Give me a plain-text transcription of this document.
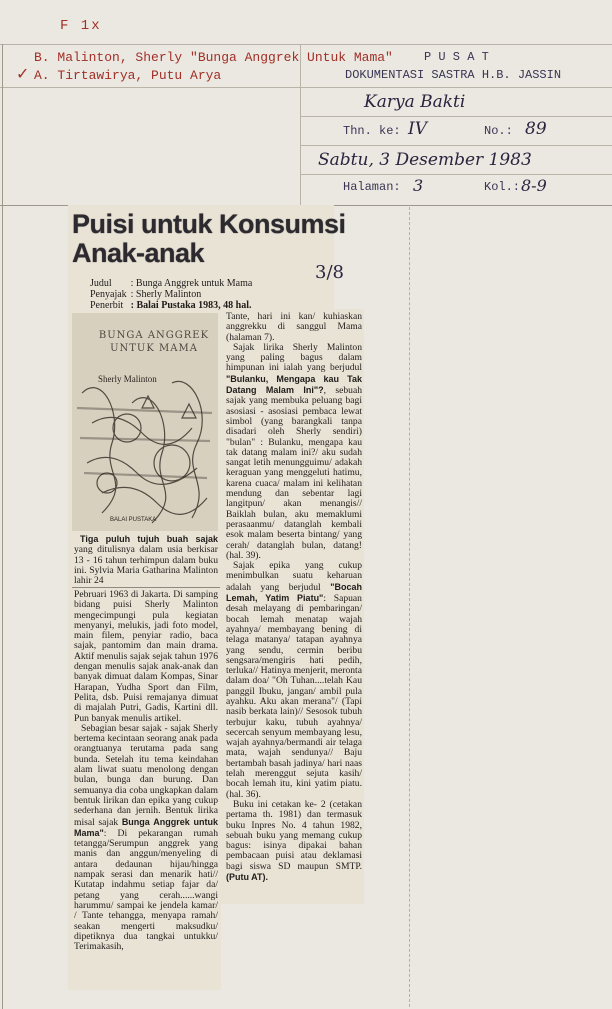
F 1x
B. Malinton, Sherly "Bunga Anggrek Untuk Mama"
✓ A. Tirtawirya, Putu Arya
P U S A T
DOKUMENTASI SASTRA H.B. JASSIN
Karya Bakti
Thn. ke: IV	No.: 89
Sabtu, 3 Desember 1983
Halaman: 3	Kol.: 8-9
Puisi untuk Konsumsi
Anak-anak
3/8
Judul	: Bunga Anggrek untuk Mama
Penyajak	: Sherly Malinton
Penerbit	: Balai Pustaka 1983, 48 hal.
BUNGA ANGGREK UNTUK MAMA
Sherly Malinton
BALAI PUSTAKA

Tiga puluh tujuh buah sajak yang ditulisnya dalam usia berkisar 13 - 16 tahun terhimpun dalam buku ini. Sylvia Maria Gatharina Malinton lahir 24

Pebruari 1963 di Jakarta. Di samping bidang puisi Sherly Malinton mengecimpungi pula kegiatan menyanyi, melukis, jadi foto model, main filem, penyiar radio, baca sajak, pantomim dan main drama. Aktif menulis sajak sejak tahun 1976 dengan menulis sajak anak-anak dan banyak dimuat dalam Kompas, Sinar Harapan, Yudha Sport dan Film, Pelita, dsb. Puisi remajanya dimuat di majalah Putri, Gadis, Kartini dll. Pun banyak menulis artikel.

Sebagian besar sajak - sajak Sherly bertema kecintaan seorang anak pada orangtuanya terutama pada sang bunda. Setelah itu tema keindahan alam liwat suatu menolong dengan bulan, bunga dan burung. Dan semuanya dia coba ungkapkan dalam bentuk lirikan dan epika yang cukup sederhana dan jernih. Bentuk lirika misal sajak Bunga Anggrek untuk Mama": Di pekarangan rumah tetangga/Serumpun anggrek yang manis dan anggun/menyeling di antara dedaunan hijau/hingga nampak serasi dan menarik hati// Kutatap indahmu setiap fajar da/ petang yang cerah......wangi harummu/ sampai ke jendela kamar/ / Tante tehangga, menyapa ramah/ seakan mengerti maksudku/ dipetiknya dua tangkai untukku/ Terimakasih,

Tante, hari ini kan/ kuhiaskan anggrekku di sanggul Mama (halaman 7).

Sajak lirika Sherly Malinton yang paling bagus dalam himpunan ini ialah yang berjudul "Bulanku, Mengapa kau Tak Datang Malam Ini"?, sebuah sajak yang membuka peluang bagi asosiasi - asosiasi pembaca lewat simbol (yang barangkali tanpa disadari oleh Sherly sendiri) "bulan" : Bulanku, mengapa kau tak datang malam ini?/ aku sudah sangat letih menungguimu/ adakah keraguan yang menggeluti hatimu, karena cuaca/ malam ini kelihatan mendung dan sebentar lagi langitpun/ akan menangis// Baiklah bulan, aku memaklumi perasaanmu/ datanglah kembali esok malam beserta bintang/ yang cerah/ datanglah bulan, datang! (hal. 39).

Sajak epika yang cukup menimbulkan suatu keharuan adalah yang berjudul "Bocah Lemah, Yatim Piatu": Sapuan desah melayang di pembaringan/ bocah lemah menatap wajah ayahnya/ membayang bening di telaga matanya/ tatapan ayahnya yang sendu, cermin beribu sengsara/mengiris hati pedih, terluka// Hatinya menjerit, meronta dalam doa/ "Oh Tuhan....telah Kau panggil Ibuku, jangan/ ambil pula ayahku. Aku akan merana"/ (Tapi nasib berkata lain)// Sesosok tubuh terbujur kaku, tubuh ayahnya/ secercah senyum membayang lesu, wajah ayahnya/bermandi air telaga mata, wajah sendunya// Baju bertambah basah jadinya/ hari naas telah merenggut sejuta kasih/ bocah lemah itu, kini yatim piatu. (hal. 36).

Buku ini cetakan ke- 2 (cetakan pertama th. 1981) dan termasuk buku Inpres No. 4 tahun 1982, sebuah buku yang memang cukup bagus: isinya dipakai bahan pembacaan puisi atau deklamasi bagi siswa SD maupun SMTP. (Putu AT).
